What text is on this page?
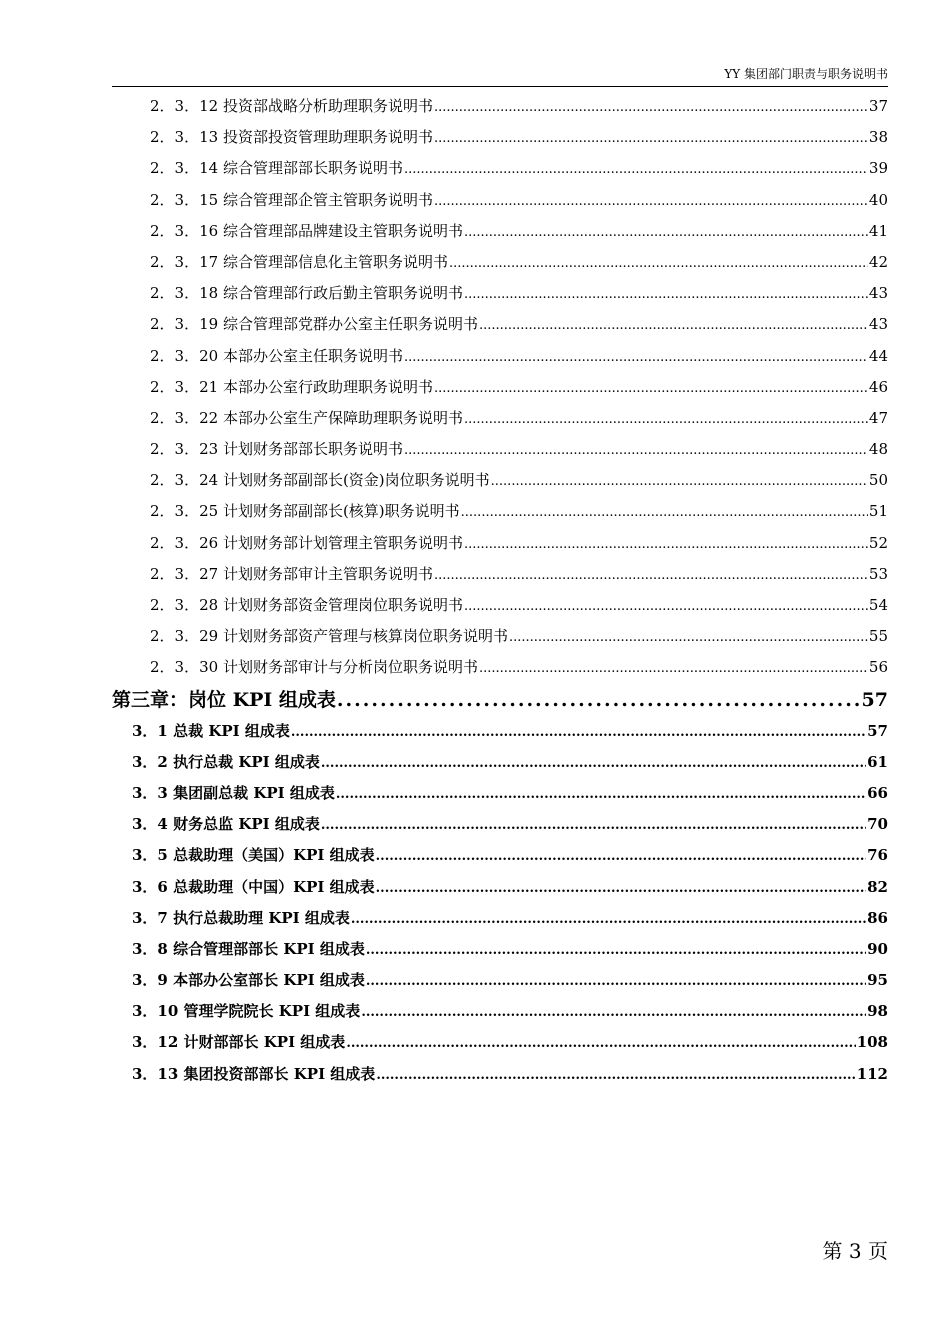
YY 集团部门职责与职务说明书
2．3．12 投资部战略分析助理职务说明书 .....	37
2．3．13 投资部投资管理助理职务说明书 .....	38
2．3．14 综合管理部部长职务说明书 .....	39
2．3．15 综合管理部企管主管职务说明书 .....	40
2．3．16 综合管理部品牌建设主管职务说明书 .....	41
2．3．17 综合管理部信息化主管职务说明书 .....	42
2．3．18 综合管理部行政后勤主管职务说明书 .....	43
2．3．19 综合管理部党群办公室主任职务说明书 .....	43
2．3．20 本部办公室主任职务说明书 .....	44
2．3．21 本部办公室行政助理职务说明书 .....	46
2．3．22 本部办公室生产保障助理职务说明书 .....	47
2．3．23 计划财务部部长职务说明书 .....	48
2．3．24 计划财务部副部长(资金)岗位职务说明书 .....	50
2．3．25 计划财务部副部长(核算)职务说明书 .....	51
2．3．26 计划财务部计划管理主管职务说明书 .....	52
2．3．27 计划财务部审计主管职务说明书 .....	53
2．3．28 计划财务部资金管理岗位职务说明书 .....	54
2．3．29 计划财务部资产管理与核算岗位职务说明书 .....	55
2．3．30 计划财务部审计与分析岗位职务说明书 .....	56
第三章：岗位 KPI 组成表 .....	57
3．1 总裁 KPI 组成表 .....	57
3．2 执行总裁 KPI 组成表 .....	61
3．3 集团副总裁 KPI 组成表 .....	66
3．4 财务总监 KPI 组成表 .....	70
3．5 总裁助理（美国）KPI 组成表 .....	76
3．6 总裁助理（中国）KPI 组成表 .....	82
3．7 执行总裁助理 KPI 组成表 .....	86
3．8 综合管理部部长 KPI 组成表 .....	90
3．9 本部办公室部长 KPI 组成表 .....	95
3．10 管理学院院长 KPI 组成表 .....	98
3．12 计财部部长 KPI 组成表 .....	108
3．13 集团投资部部长 KPI 组成表 .....	112
第 3 页
